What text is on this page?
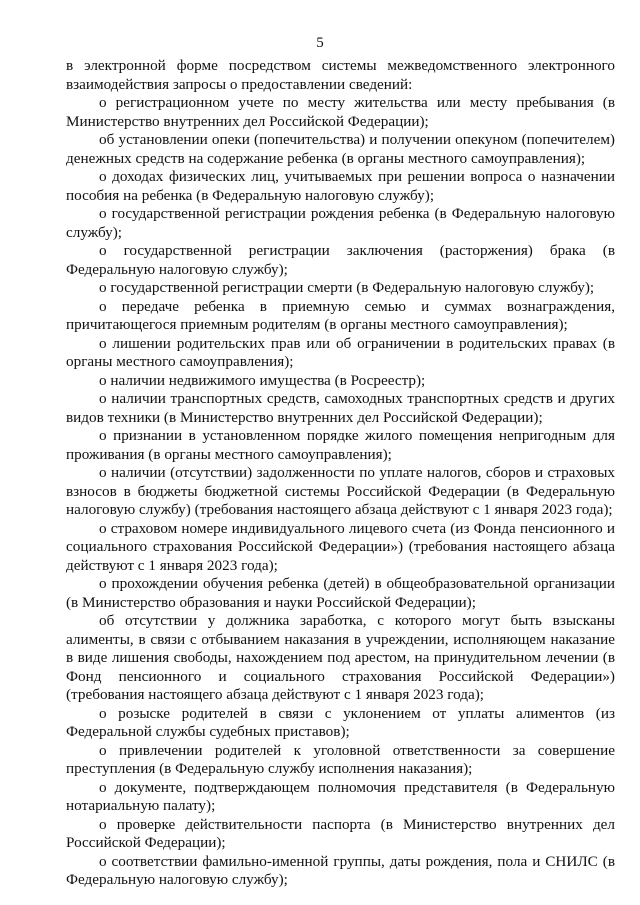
5

в электронной форме посредством системы межведомственного электронного взаимодействия запросы о предоставлении сведений:

о регистрационном учете по месту жительства или месту пребывания (в Министерство внутренних дел Российской Федерации);

об установлении опеки (попечительства) и получении опекуном (попечителем) денежных средств на содержание ребенка (в органы местного самоуправления);

о доходах физических лиц, учитываемых при решении вопроса о назначении пособия на ребенка (в Федеральную налоговую службу);

о государственной регистрации рождения ребенка (в Федеральную налоговую службу);

о государственной регистрации заключения (расторжения) брака (в Федеральную налоговую службу);

о государственной регистрации смерти (в Федеральную налоговую службу);

о передаче ребенка в приемную семью и суммах вознаграждения, причитающегося приемным родителям (в органы местного самоуправления);

о лишении родительских прав или об ограничении в родительских правах (в органы местного самоуправления);

о наличии недвижимого имущества (в Росреестр);

о наличии транспортных средств, самоходных транспортных средств и других видов техники (в Министерство внутренних дел Российской Федерации);

о признании в установленном порядке жилого помещения непригодным для проживания (в органы местного самоуправления);

о наличии (отсутствии) задолженности по уплате налогов, сборов и страховых взносов в бюджеты бюджетной системы Российской Федерации (в Федеральную налоговую службу) (требования настоящего абзаца действуют с 1 января 2023 года);

о страховом номере индивидуального лицевого счета (из Фонда пенсионного и социального страхования Российской Федерации») (требования настоящего абзаца действуют с 1 января 2023 года);

о прохождении обучения ребенка (детей) в общеобразовательной организации (в Министерство образования и науки Российской Федерации);

об отсутствии у должника заработка, с которого могут быть взысканы алименты, в связи с отбыванием наказания в учреждении, исполняющем наказание в виде лишения свободы, нахождением под арестом, на принудительном лечении (в Фонд пенсионного и социального страхования Российской Федерации») (требования настоящего абзаца действуют с 1 января 2023 года);

о розыске родителей в связи с уклонением от уплаты алиментов (из Федеральной службы судебных приставов);

о привлечении родителей к уголовной ответственности за совершение преступления (в Федеральную службу исполнения наказания);

о документе, подтверждающем полномочия представителя (в Федеральную нотариальную палату);

о проверке действительности паспорта (в Министерство внутренних дел Российской Федерации);

о соответствии фамильно-именной группы, даты рождения, пола и СНИЛС (в Федеральную налоговую службу);
